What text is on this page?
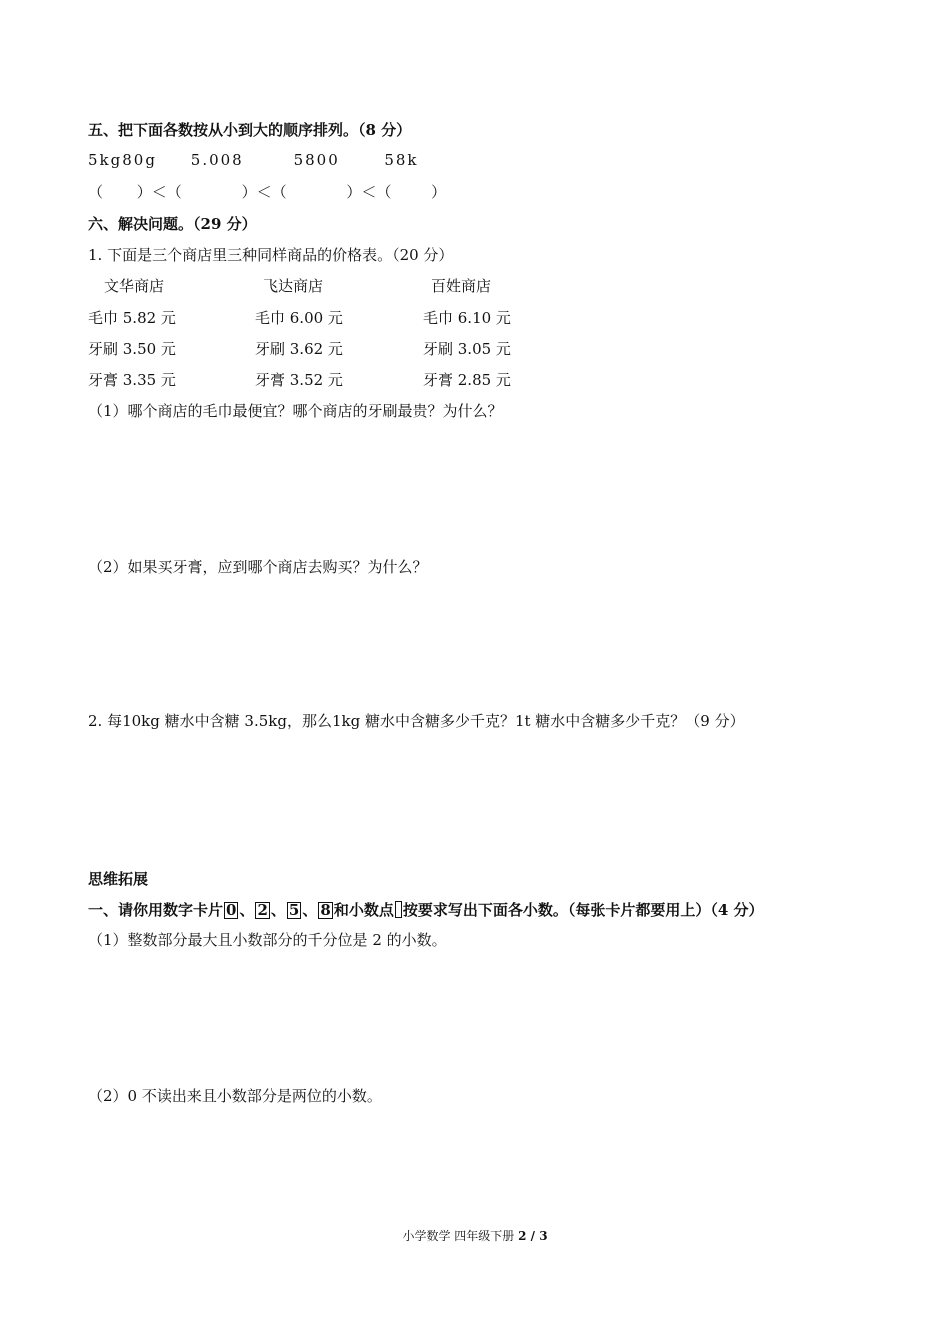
五、把下面各数按从小到大的顺序排列。（8 分）
5kg80g 5.008	5800	58k
（ ）＜（	）＜（	）＜（	）
六、解决问题。（29 分）
1. 下面是三个商店里三种同样商品的价格表。（20 分）
文华商店	飞达商店	百姓商店
毛巾 5.82 元	毛巾 6.00 元	毛巾 6.10 元
牙刷 3.50 元	牙刷 3.62 元	牙刷 3.05 元
牙膏 3.35 元	牙膏 3.52 元	牙膏 2.85 元
（1）哪个商店的毛巾最便宜？哪个商店的牙刷最贵？为什么？
（2）如果买牙膏，应到哪个商店去购买？为什么？
2. 每10kg 糖水中含糖 3.5kg，那么1kg 糖水中含糖多少千克？1t 糖水中含糖多少千克？（9 分）
思维拓展
一、请你用数字卡片 0 、 2 、 5 、 8 和小数点 按要求写出下面各小数。（每张卡片都要用上）（4 分）
（1）整数部分最大且小数部分的千分位是 2 的小数。
（2）0 不读出来且小数部分是两位的小数。
小学数学 四年级下册 2 / 3
